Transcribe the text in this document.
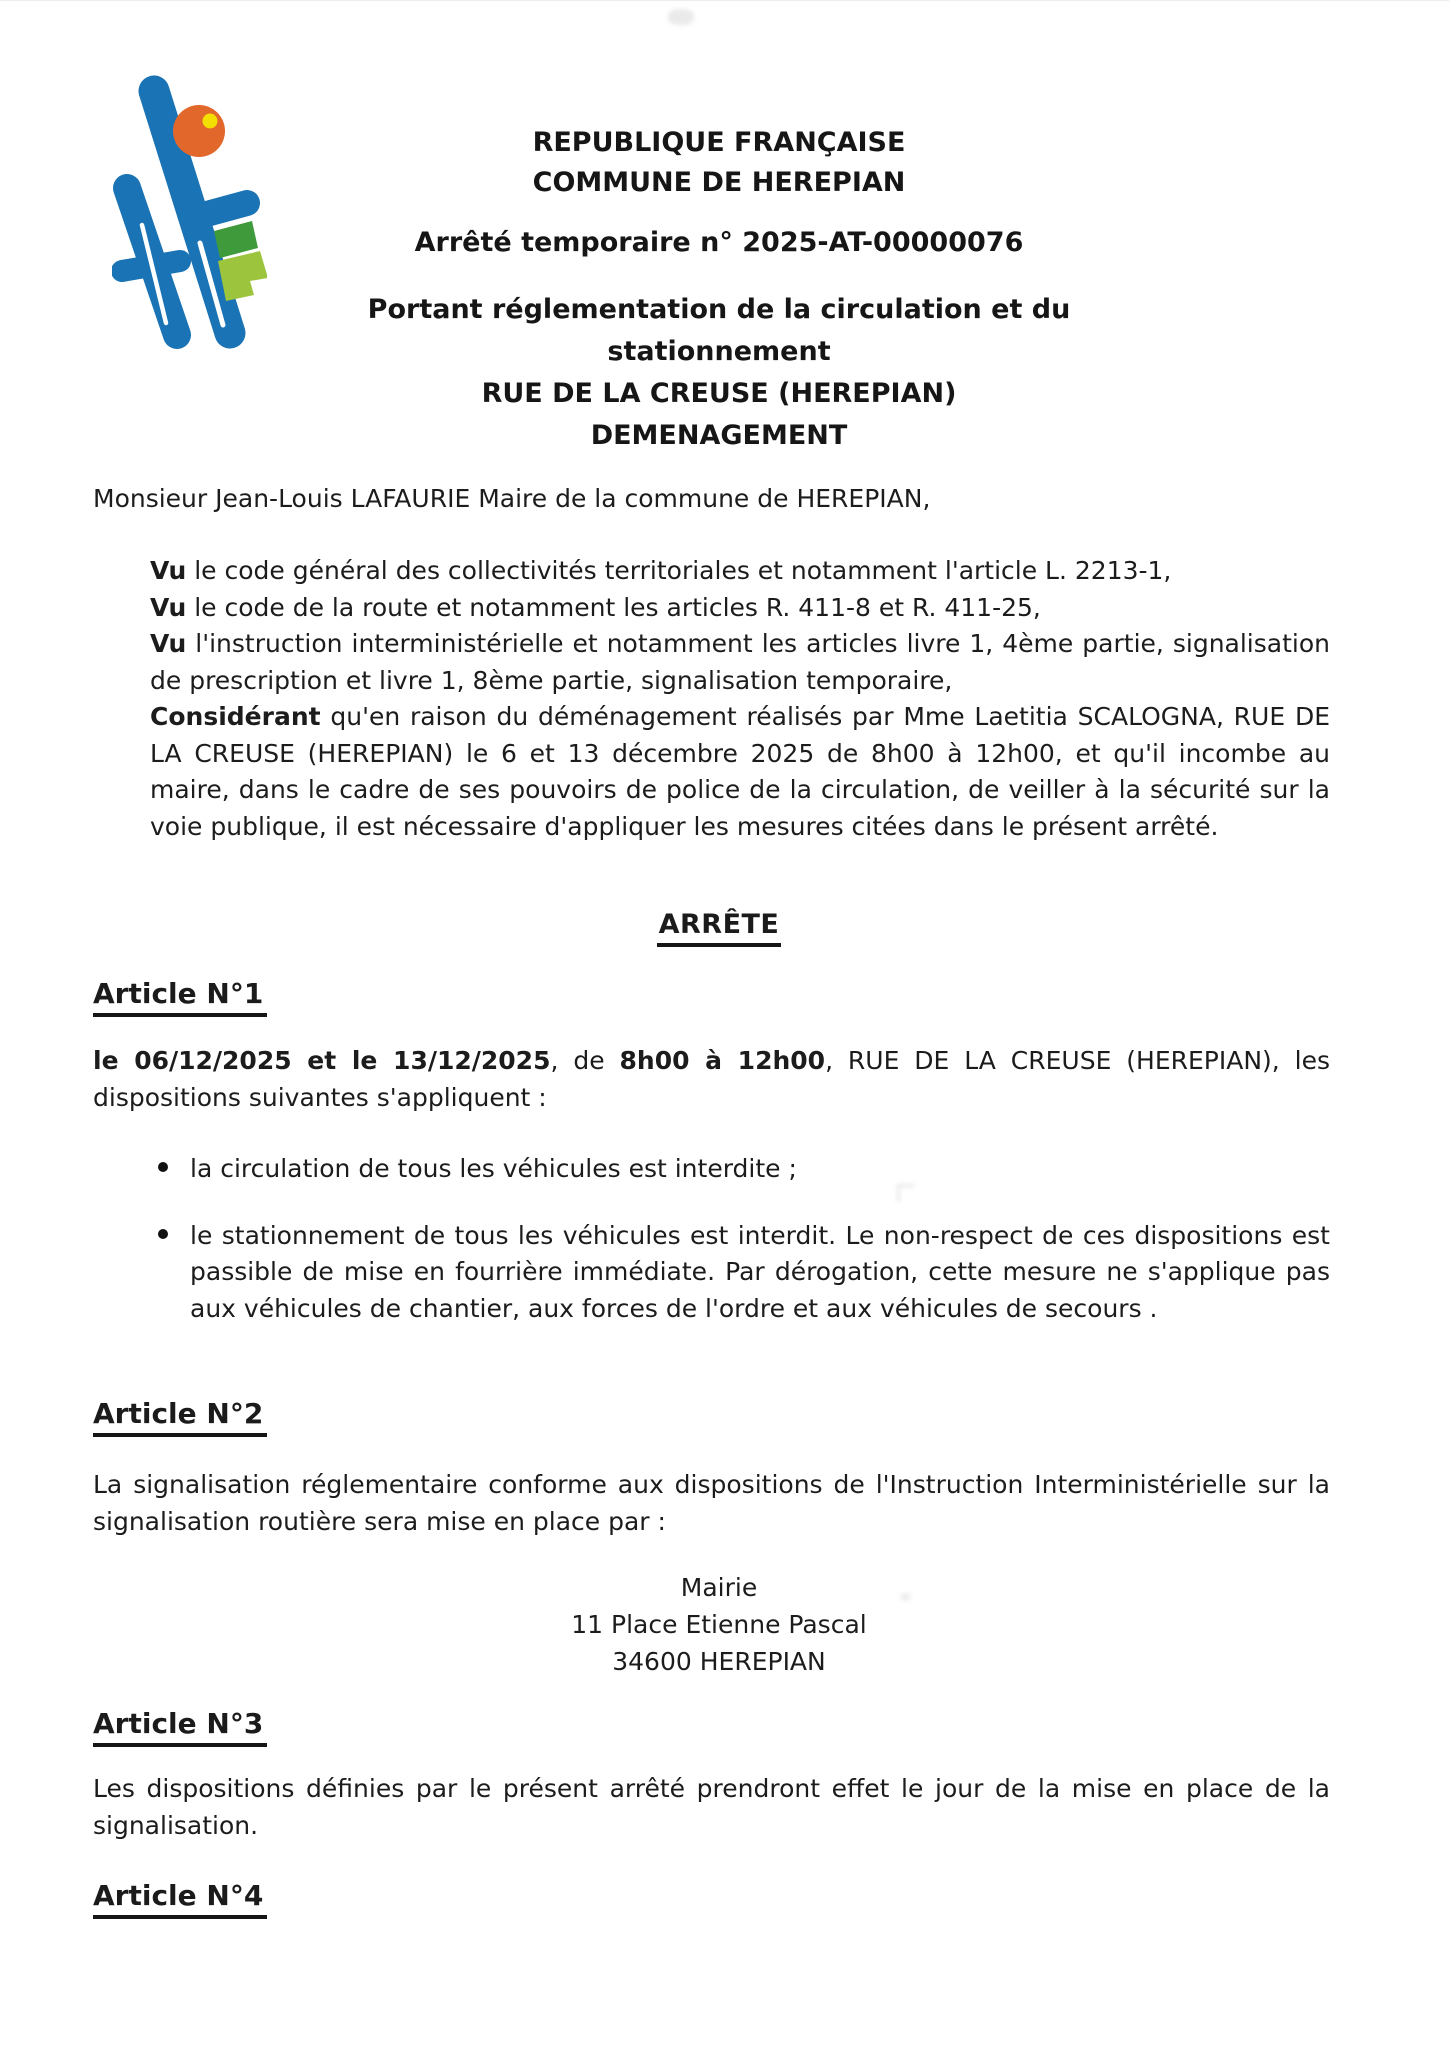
REPUBLIQUE FRANÇAISE
COMMUNE DE HEREPIAN
Arrêté temporaire n° 2025-AT-00000076
Portant réglementation de la circulation et du
stationnement
RUE DE LA CREUSE (HEREPIAN)
DEMENAGEMENT
Monsieur Jean-Louis LAFAURIE Maire de la commune de HEREPIAN,

Vu le code général des collectivités territoriales et notamment l'article L. 2213-1,

Vu le code de la route et notamment les articles R. 411-8 et R. 411-25,

Vu l'instruction interministérielle et notamment les articles livre 1, 4ème partie, signalisation de prescription et livre 1, 8ème partie, signalisation temporaire,

Considérant qu'en raison du déménagement réalisés par Mme Laetitia SCALOGNA, RUE DE LA CREUSE (HEREPIAN) le 6 et 13 décembre 2025 de 8h00 à 12h00, et qu'il incombe au maire, dans le cadre de ses pouvoirs de police de la circulation, de veiller à la sécurité sur la voie publique, il est nécessaire d'appliquer les mesures citées dans le présent arrêté.

ARRÊTE
Article N°1
le 06/12/2025 et le 13/12/2025, de 8h00 à 12h00, RUE DE LA CREUSE (HEREPIAN), les dispositions suivantes s'appliquent :
la circulation de tous les véhicules est interdite ;
le stationnement de tous les véhicules est interdit. Le non-respect de ces dispositions est passible de mise en fourrière immédiate. Par dérogation, cette mesure ne s'applique pas aux véhicules de chantier, aux forces de l'ordre et aux véhicules de secours .
Article N°2
La signalisation réglementaire conforme aux dispositions de l'Instruction Interministérielle sur la signalisation routière sera mise en place par :
Mairie
11 Place Etienne Pascal
34600 HEREPIAN
Article N°3
Les dispositions définies par le présent arrêté prendront effet le jour de la mise en place de la signalisation.
Article N°4
